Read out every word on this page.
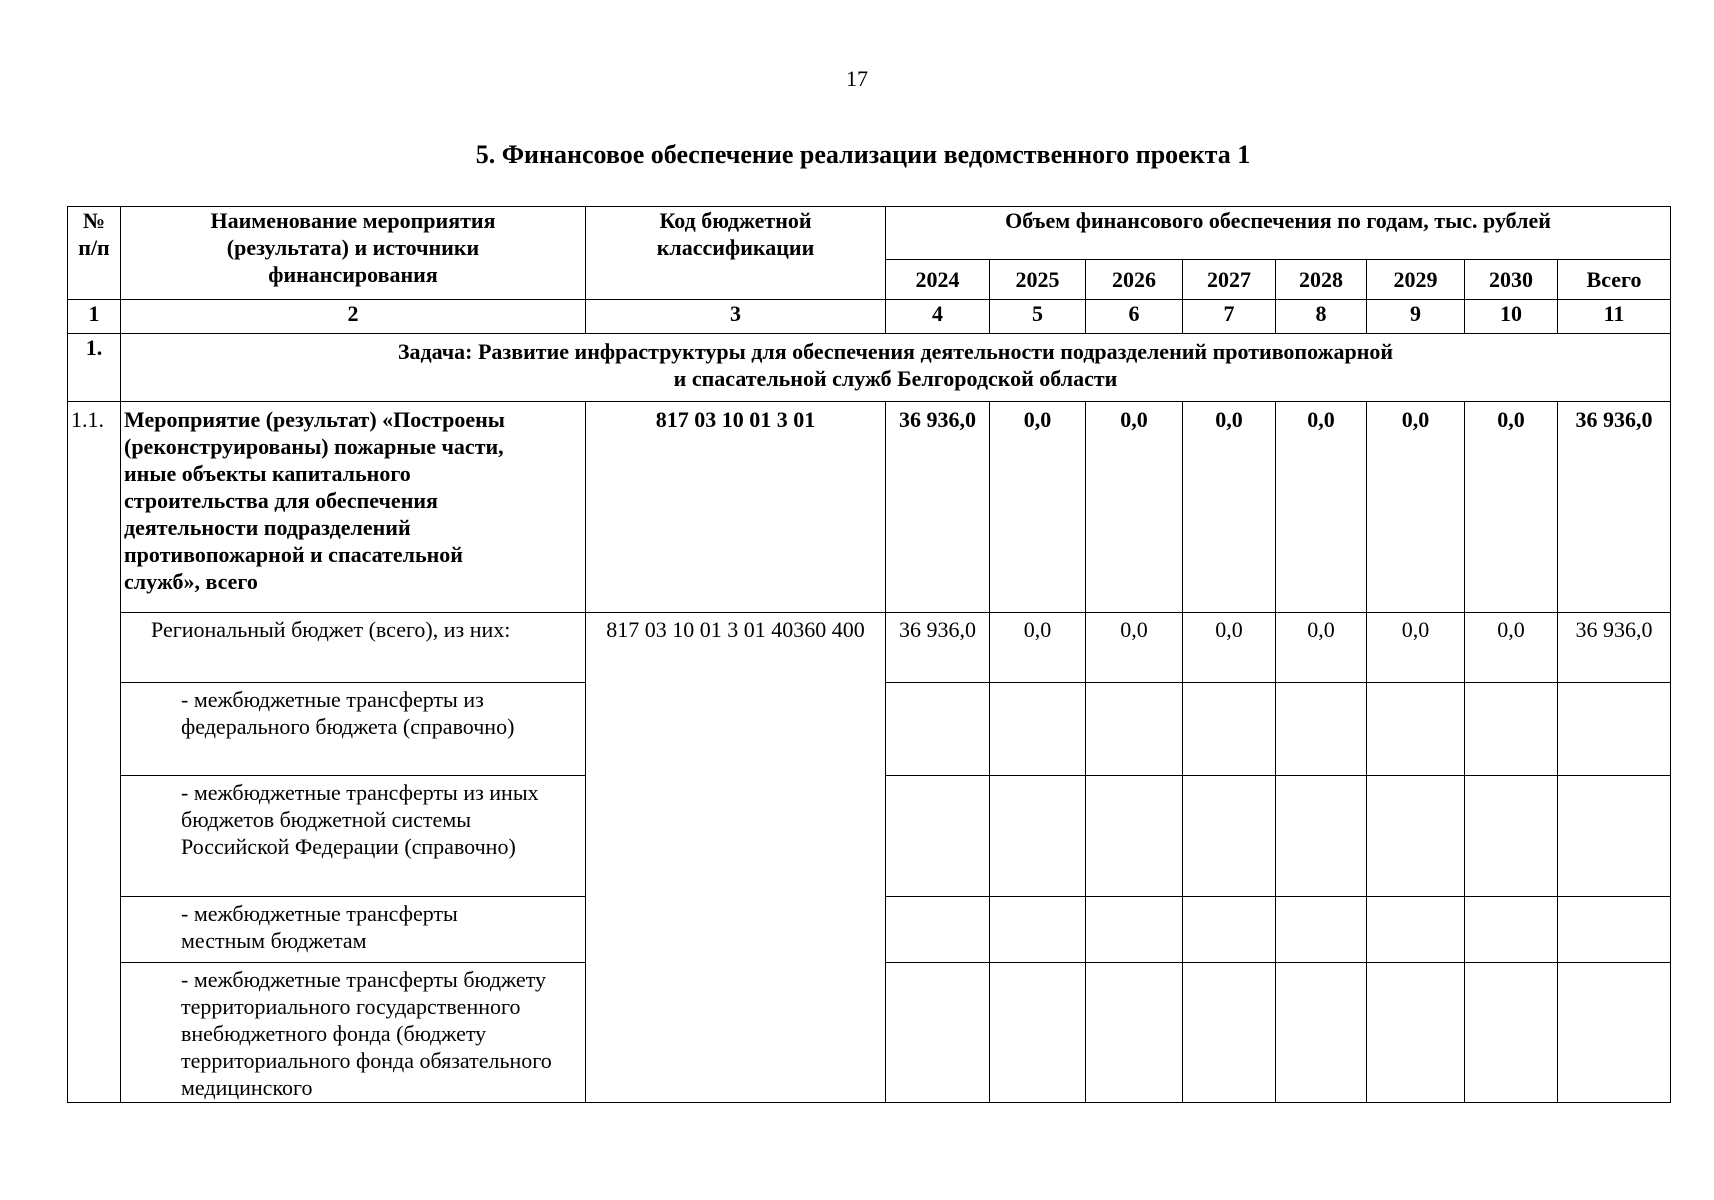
17
5. Финансовое обеспечение реализации ведомственного проекта 1
№ п/п	Наименование мероприятия (результата) и источники финансирования	Код бюджетной классификации	Объем финансового обеспечения по годам, тыс. рублей							
			2024	2025	2026	2027	2028	2029	2030	Всего
1	2	3	4	5	6	7	8	9	10	11
1.	Задача: Развитие инфраструктуры для обеспечения деятельности подразделений противопожарной
и спасательной служб Белгородской области									
1.1.	Мероприятие (результат) «Построены (реконструированы) пожарные части, иные объекты капитального строительства для обеспечения деятельности подразделений противопожарной и спасательной служб», всего	817 03 10 01 3 01	36 936,0	0,0	0,0	0,0	0,0	0,0	0,0	36 936,0
	Региональный бюджет (всего), из них:	817 03 10 01 3 01 40360 400	36 936,0	0,0	0,0	0,0	0,0	0,0	0,0	36 936,0
	- межбюджетные трансферты из федерального бюджета (справочно)									
	- межбюджетные трансферты из иных бюджетов бюджетной системы Российской Федерации (справочно)									
	- межбюджетные трансферты местным бюджетам									
	- межбюджетные трансферты бюджету территориального государственного внебюджетного фонда (бюджету территориального фонда обязательного медицинского									
